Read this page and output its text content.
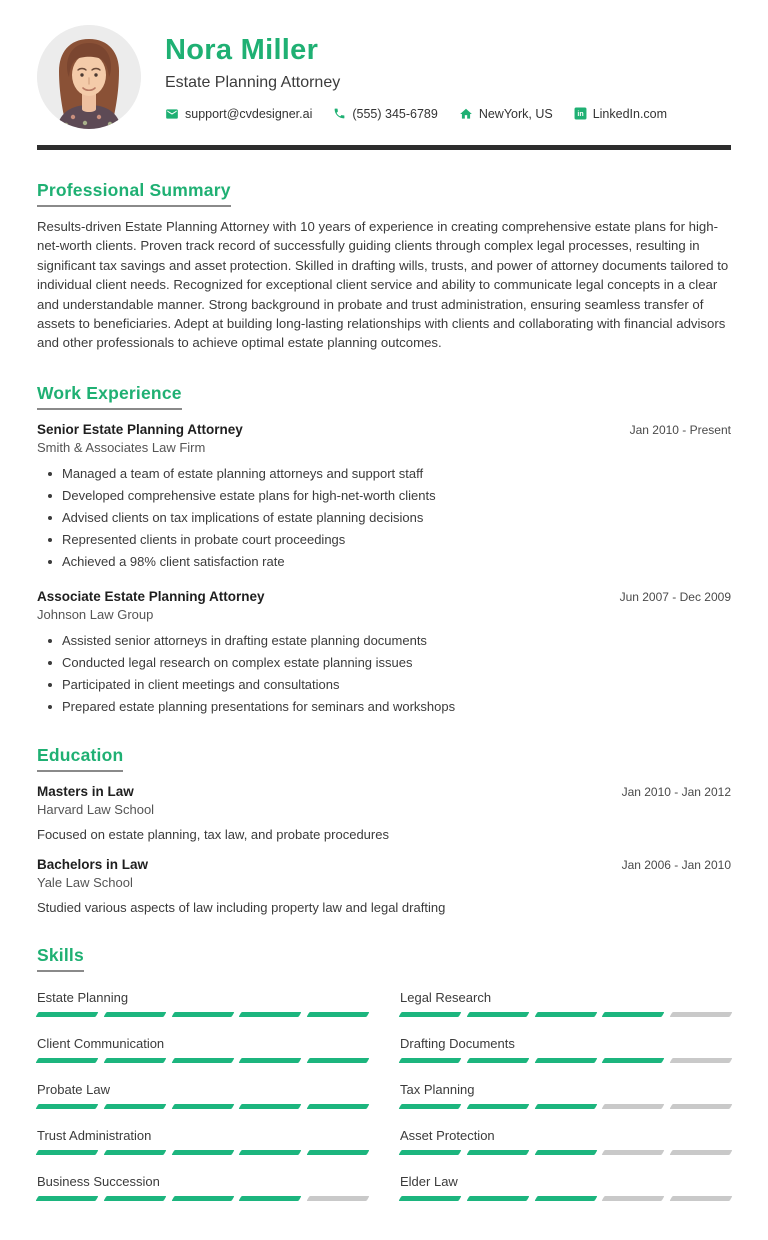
Nora Miller
Estate Planning Attorney
support@cvdesigner.ai	(555) 345-6789	NewYork, US in LinkedIn.com
Professional Summary

Results-driven Estate Planning Attorney with 10 years of experience in creating comprehensive estate plans for high-net-worth clients. Proven track record of successfully guiding clients through complex legal processes, resulting in significant tax savings and asset protection. Skilled in drafting wills, trusts, and power of attorney documents tailored to individual client needs. Recognized for exceptional client service and ability to communicate legal concepts in a clear and understandable manner. Strong background in probate and trust administration, ensuring seamless transfer of assets to beneficiaries. Adept at building long-lasting relationships with clients and collaborating with financial advisors and other professionals to achieve optimal estate planning outcomes.

Work Experience
Senior Estate Planning Attorney	Jan 2010 - Present
Smith & Associates Law Firm
Managed a team of estate planning attorneys and support staff
Developed comprehensive estate plans for high-net-worth clients
Advised clients on tax implications of estate planning decisions
Represented clients in probate court proceedings
Achieved a 98% client satisfaction rate
Associate Estate Planning Attorney	Jun 2007 - Dec 2009
Johnson Law Group
Assisted senior attorneys in drafting estate planning documents
Conducted legal research on complex estate planning issues
Participated in client meetings and consultations
Prepared estate planning presentations for seminars and workshops
Education
Masters in Law	Jan 2010 - Jan 2012
Harvard Law School
Focused on estate planning, tax law, and probate procedures
Bachelors in Law	Jan 2006 - Jan 2010
Yale Law School
Studied various aspects of law including property law and legal drafting
Skills
Estate Planning
Client Communication
Probate Law
Trust Administration
Business Succession
Legal Research
Drafting Documents
Tax Planning
Asset Protection
Elder Law
